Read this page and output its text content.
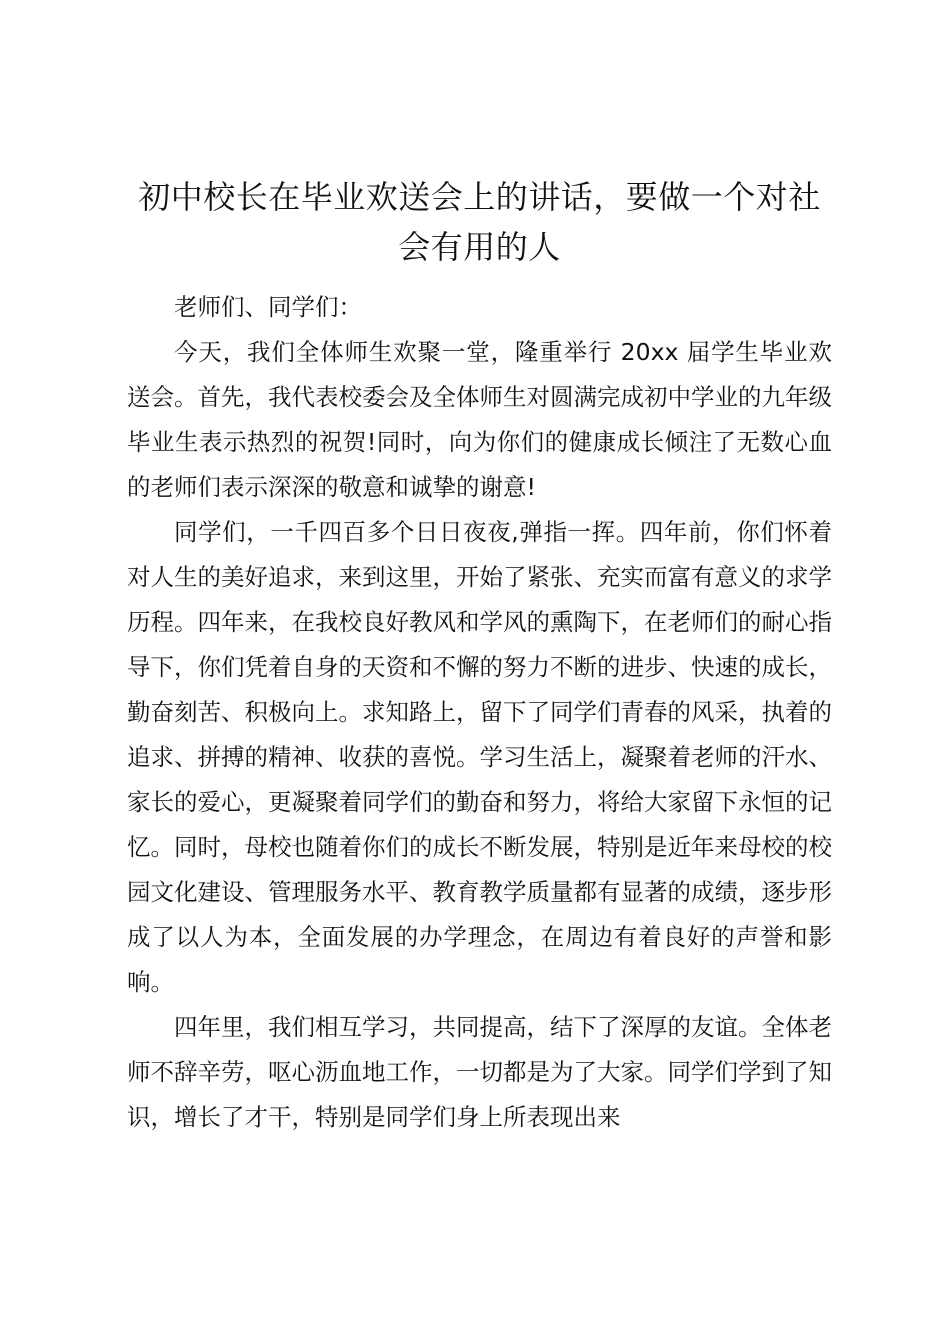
初中校长在毕业欢送会上的讲话，要做一个对社会有用的人

老师们、同学们：

今天，我们全体师生欢聚一堂，隆重举行 20xx 届学生毕业欢送会。首先，我代表校委会及全体师生对圆满完成初中学业的九年级毕业生表示热烈的祝贺!同时，向为你们的健康成长倾注了无数心血的老师们表示深深的敬意和诚挚的谢意!

同学们，一千四百多个日日夜夜,弹指一挥。四年前，你们怀着对人生的美好追求，来到这里，开始了紧张、充实而富有意义的求学历程。四年来，在我校良好教风和学风的熏陶下，在老师们的耐心指导下，你们凭着自身的天资和不懈的努力不断的进步、快速的成长，勤奋刻苦、积极向上。求知路上，留下了同学们青春的风采，执着的追求、拼搏的精神、收获的喜悦。学习生活上，凝聚着老师的汗水、家长的爱心，更凝聚着同学们的勤奋和努力，将给大家留下永恒的记忆。同时，母校也随着你们的成长不断发展，特别是近年来母校的校园文化建设、管理服务水平、教育教学质量都有显著的成绩，逐步形成了以人为本，全面发展的办学理念，在周边有着良好的声誉和影响。

四年里，我们相互学习，共同提高，结下了深厚的友谊。全体老师不辞辛劳，呕心沥血地工作，一切都是为了大家。同学们学到了知识，增长了才干，特别是同学们身上所表现出来
